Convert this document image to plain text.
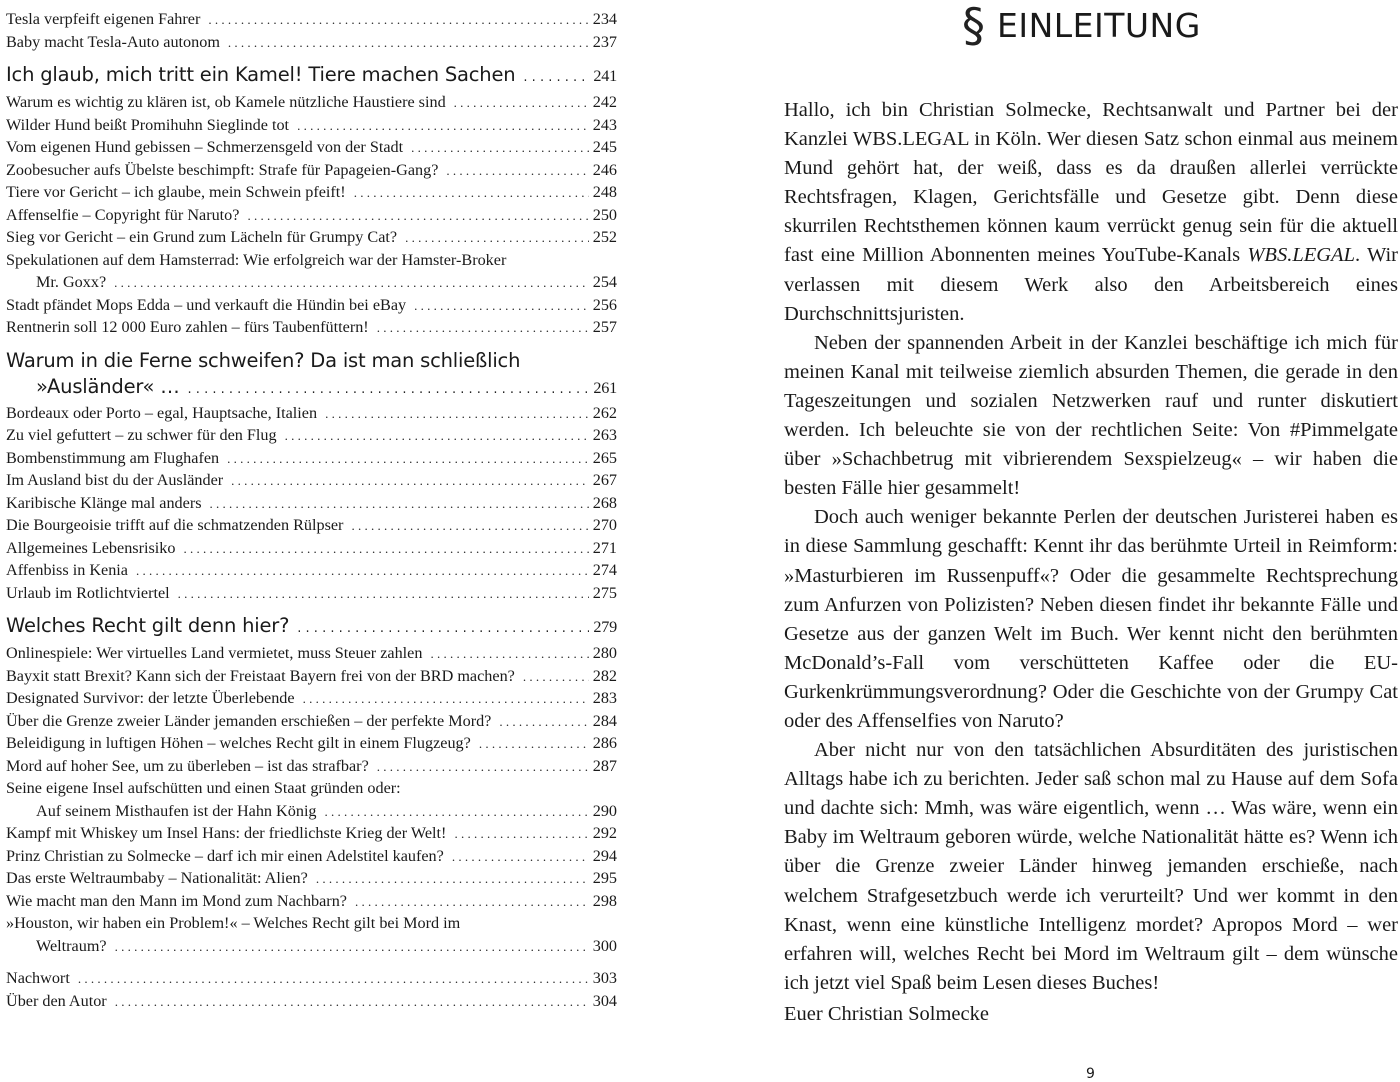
Tesla verpfeift eigenen Fahrer . . .	234
Baby macht Tesla-Auto autonom . . .	237
Ich glaub, mich tritt ein Kamel! Tiere machen Sachen . . .	241
Warum es wichtig zu klären ist, ob Kamele nützliche Haustiere sind . . .	242
Wilder Hund beißt Promihuhn Sieglinde tot . . .	243
Vom eigenen Hund gebissen – Schmerzensgeld von der Stadt . . .	245
Zoobesucher aufs Übelste beschimpft: Strafe für Papageien-Gang? . . .	246
Tiere vor Gericht – ich glaube, mein Schwein pfeift! . . .	248
Affenselfie – Copyright für Naruto? . . .	250
Sieg vor Gericht – ein Grund zum Lächeln für Grumpy Cat? . . .	252
Spekulationen auf dem Hamsterrad: Wie erfolgreich war der Hamster-Broker
Mr. Goxx? . . .	254
Stadt pfändet Mops Edda – und verkauft die Hündin bei eBay . . .	256
Rentnerin soll 12 000 Euro zahlen – fürs Taubenfüttern! . . .	257
Warum in die Ferne schweifen? Da ist man schließlich
»Ausländer« … . . .	261
Bordeaux oder Porto – egal, Hauptsache, Italien . . .	262
Zu viel gefuttert – zu schwer für den Flug . . .	263
Bombenstimmung am Flughafen . . .	265
Im Ausland bist du der Ausländer . . .	267
Karibische Klänge mal anders . . .	268
Die Bourgeoisie trifft auf die schmatzenden Rülpser . . .	270
Allgemeines Lebensrisiko . . .	271
Affenbiss in Kenia . . .	274
Urlaub im Rotlichtviertel . . .	275
Welches Recht gilt denn hier? . . .	279
Onlinespiele: Wer virtuelles Land vermietet, muss Steuer zahlen . . .	280
Bayxit statt Brexit? Kann sich der Freistaat Bayern frei von der BRD machen? . . .	282
Designated Survivor: der letzte Überlebende . . .	283
Über die Grenze zweier Länder jemanden erschießen – der perfekte Mord? . . .	284
Beleidigung in luftigen Höhen – welches Recht gilt in einem Flugzeug? . . .	286
Mord auf hoher See, um zu überleben – ist das strafbar? . . .	287
Seine eigene Insel aufschütten und einen Staat gründen oder:
Auf seinem Misthaufen ist der Hahn König . . .	290
Kampf mit Whiskey um Insel Hans: der friedlichste Krieg der Welt! . . .	292
Prinz Christian zu Solmecke – darf ich mir einen Adelstitel kaufen? . . .	294
Das erste Weltraumbaby – Nationalität: Alien? . . .	295
Wie macht man den Mann im Mond zum Nachbarn? . . .	298
»Houston, wir haben ein Problem!« – Welches Recht gilt bei Mord im
Weltraum? . . .	300
Nachwort . . .	303
Über den Autor . . .	304
§ EINLEITUNG

Hallo, ich bin Christian Solmecke, Rechtsanwalt und Partner bei der Kanzlei WBS.LEGAL in Köln. Wer diesen Satz schon einmal aus meinem Mund gehört hat, der weiß, dass es da draußen allerlei verrückte Rechtsfragen, Klagen, Gerichtsfälle und Gesetze gibt. Denn diese skurrilen Rechtsthemen können kaum verrückt genug sein für die aktuell fast eine Million Abonnenten meines YouTube-Kanals WBS.LEGAL. Wir verlassen mit diesem Werk also den Arbeitsbereich eines Durchschnittsjuristen.

Neben der spannenden Arbeit in der Kanzlei beschäftige ich mich für meinen Kanal mit teilweise ziemlich absurden Themen, die gerade in den Tageszeitungen und sozialen Netzwerken rauf und runter diskutiert werden. Ich beleuchte sie von der rechtlichen Seite: Von #Pimmelgate über »Schachbetrug mit vibrierendem Sexspielzeug« – wir haben die besten Fälle hier gesammelt!

Doch auch weniger bekannte Perlen der deutschen Juristerei haben es in diese Sammlung geschafft: Kennt ihr das berühmte Urteil in Reimform: »Masturbieren im Russenpuff«? Oder die gesammelte Rechtsprechung zum Anfurzen von Polizisten? Neben diesen findet ihr bekannte Fälle und Gesetze aus der ganzen Welt im Buch. Wer kennt nicht den berühmten McDonald’s-Fall vom verschütteten Kaffee oder die EU-Gurkenkrümmungsverordnung? Oder die Geschichte von der Grumpy Cat oder des Affenselfies von Naruto?

Aber nicht nur von den tatsächlichen Absurditäten des juristischen Alltags habe ich zu berichten. Jeder saß schon mal zu Hause auf dem Sofa und dachte sich: Mmh, was wäre eigentlich, wenn … Was wäre, wenn ein Baby im Weltraum geboren würde, welche Nationalität hätte es? Wenn ich über die Grenze zweier Länder hinweg jemanden erschieße, nach welchem Strafgesetzbuch werde ich verurteilt? Und wer kommt in den Knast, wenn eine künstliche Intelligenz mordet? Apropos Mord – wer erfahren will, welches Recht bei Mord im Weltraum gilt – dem wünsche ich jetzt viel Spaß beim Lesen dieses Buches!

Euer Christian Solmecke
9
